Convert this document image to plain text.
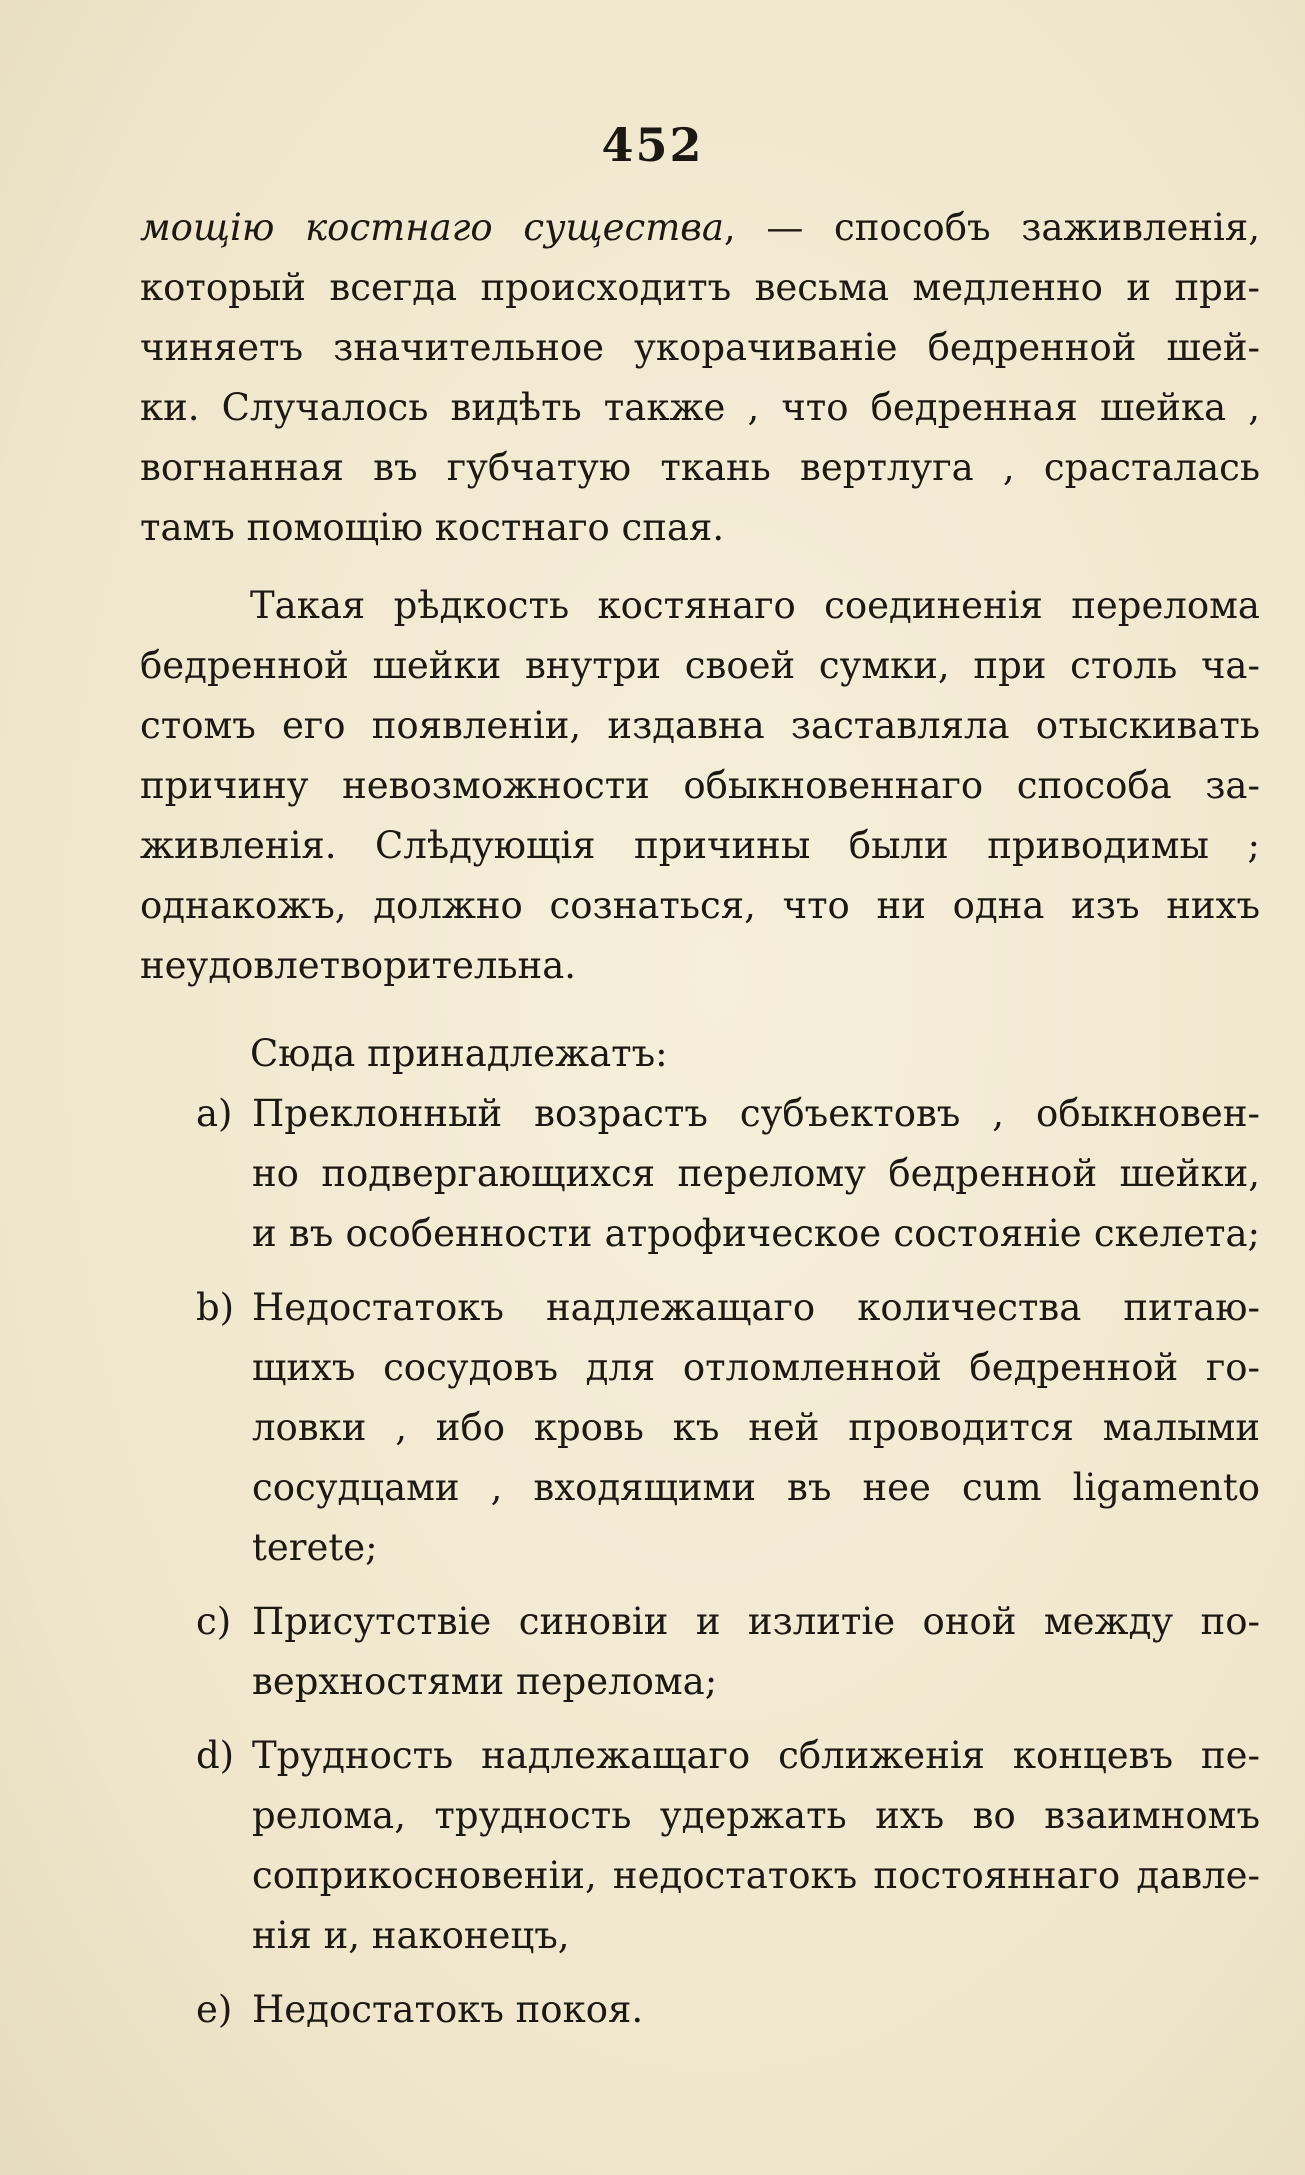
452
мощію костнаго существа, — способъ заживленія,
который всегда происходитъ весьма медленно и при-
чиняетъ значительное укорачиваніе бедренной шей-
ки. Случалось видѣть также , что бедренная шейка ,
вогнанная въ губчатую ткань вертлуга , срасталась
тамъ помощію костнаго спая.
Такая рѣдкость костянаго соединенія перелома
бедренной шейки внутри своей сумки, при столь ча-
стомъ его появленіи, издавна заставляла отыскивать
причину невозможности обыкновеннаго способа за-
живленія. Слѣдующія причины были приводимы ;
однакожъ, должно сознаться, что ни одна изъ нихъ
неудовлетворительна.
Сюда принадлежатъ:
a) Преклонный возрастъ субъектовъ , обыкновен-
но подвергающихся перелому бедренной шейки,
и въ особенности атрофическое состояніе скелета;
b) Недостатокъ надлежащаго количества питаю-
щихъ сосудовъ для отломленной бедренной го-
ловки , ибо кровь къ ней проводится малыми
сосудцами , входящими въ нее cum ligamento
terete;
c) Присутствіе синовіи и излитіе оной между по-
верхностями перелома;
d) Трудность надлежащаго сближенія концевъ пе-
релома, трудность удержать ихъ во взаимномъ
соприкосновеніи, недостатокъ постояннаго давле-
нія и, наконецъ,
e) Недостатокъ покоя.
